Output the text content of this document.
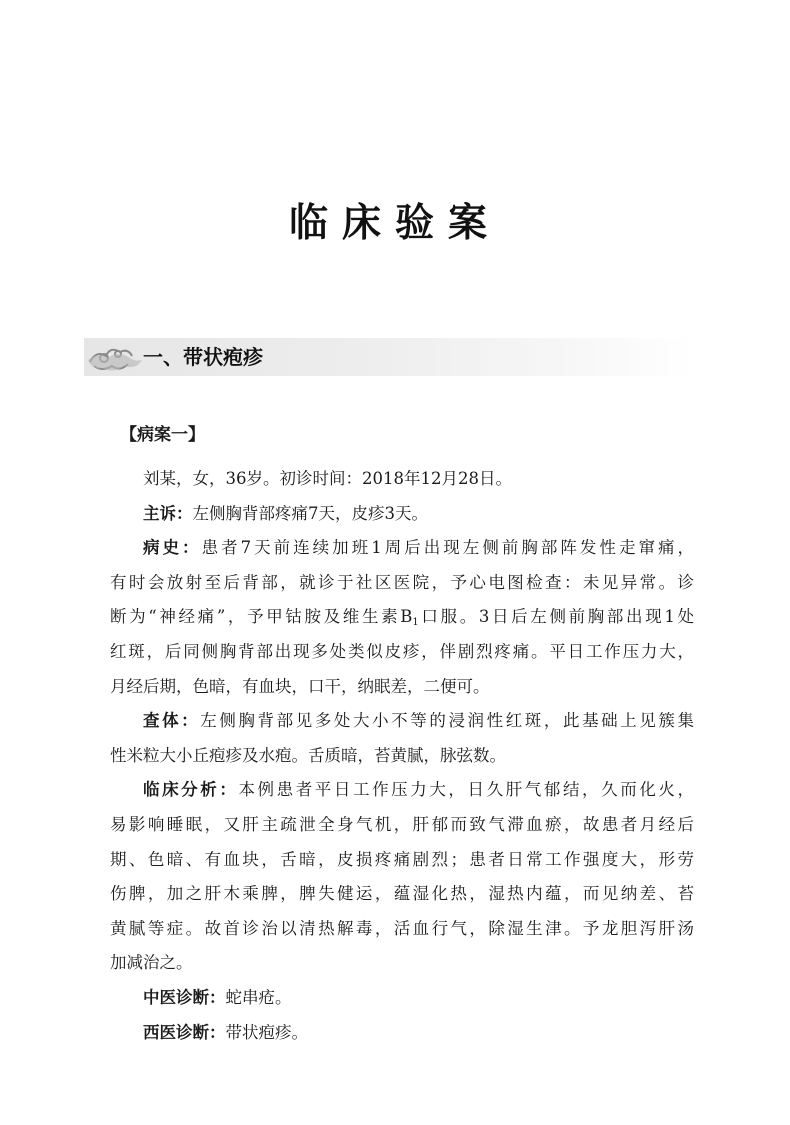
临床验案
一、带状疱疹
【病案一】

刘某，女，36岁。初诊时间：2018年12月28日。

主诉：左侧胸背部疼痛7天，皮疹3天。

病史：患者7天前连续加班1周后出现左侧前胸部阵发性走窜痛，
有时会放射至后背部，就诊于社区医院，予心电图检查：未见异常。诊
断为“神经痛”，予甲钴胺及维生素$B_1$口服。3日后左侧前胸部出现1处
红斑，后同侧胸背部出现多处类似皮疹，伴剧烈疼痛。平日工作压力大，
月经后期，色暗，有血块，口干，纳眠差，二便可。

查体：左侧胸背部见多处大小不等的浸润性红斑，此基础上见簇集
性米粒大小丘疱疹及水疱。舌质暗，苔黄腻，脉弦数。

临床分析：本例患者平日工作压力大，日久肝气郁结，久而化火，
易影响睡眠，又肝主疏泄全身气机，肝郁而致气滞血瘀，故患者月经后
期、色暗、有血块，舌暗，皮损疼痛剧烈；患者日常工作强度大，形劳
伤脾，加之肝木乘脾，脾失健运，蕴湿化热，湿热内蕴，而见纳差、苔
黄腻等症。故首诊治以清热解毒，活血行气，除湿生津。予龙胆泻肝汤
加减治之。

中医诊断：蛇串疮。

西医诊断：带状疱疹。
